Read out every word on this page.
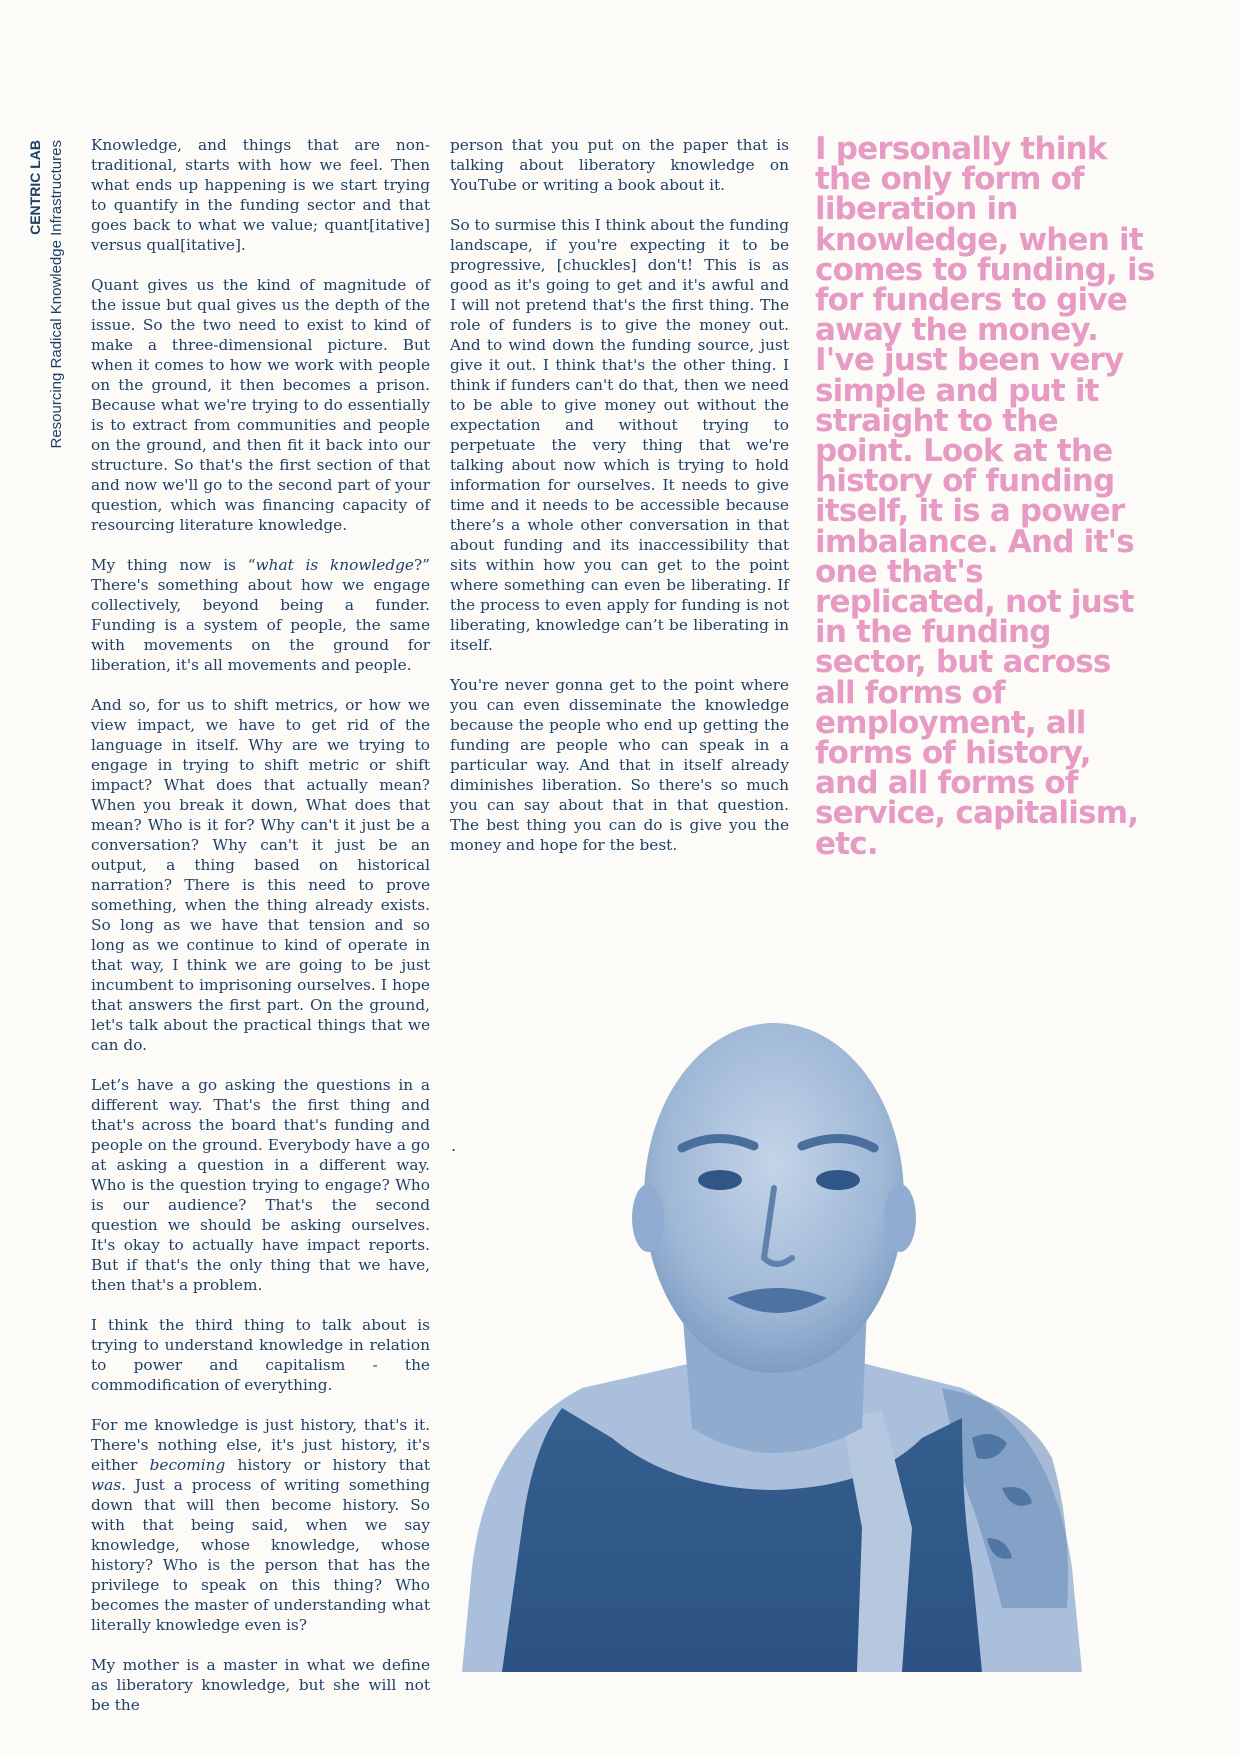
CENTRIC LAB Resourcing Radical Knowledge Infrastructures Knowledge, and things that are non-traditional, starts with how we feel. Then what ends up happening is we start trying to quantify in the funding sector and that goes back to what we value; quant[itative] versus qual[itative].

Quant gives us the kind of magnitude of the issue but qual gives us the depth of the issue. So the two need to exist to kind of make a three-dimensional picture. But when it comes to how we work with people on the ground, it then becomes a prison. Because what we're trying to do essentially is to extract from communities and people on the ground, and then fit it back into our structure. So that's the first section of that and now we'll go to the second part of your question, which was financing capacity of resourcing literature knowledge.

My thing now is “what is knowledge?” There's something about how we engage collectively, beyond being a funder. Funding is a system of people, the same with movements on the ground for liberation, it's all movements and people.

And so, for us to shift metrics, or how we view impact, we have to get rid of the language in itself. Why are we trying to engage in trying to shift metric or shift impact? What does that actually mean? When you break it down, What does that mean? Who is it for? Why can't it just be a conversation? Why can't it just be an output, a thing based on historical narration? There is this need to prove something, when the thing already exists. So long as we have that tension and so long as we continue to kind of operate in that way, I think we are going to be just incumbent to imprisoning ourselves. I hope that answers the first part. On the ground, let's talk about the practical things that we can do.

Let’s have a go asking the questions in a different way. That's the first thing and that's across the board that's funding and people on the ground. Everybody have a go at asking a question in a different way. Who is the question trying to engage? Who is our audience? That's the second question we should be asking ourselves. It's okay to actually have impact reports. But if that's the only thing that we have, then that's a problem.

I think the third thing to talk about is trying to understand knowledge in relation to power and capitalism - the commodification of everything.

For me knowledge is just history, that's it. There's nothing else, it's just history, it's either becoming history or history that was. Just a process of writing something down that will then become history. So with that being said, when we say knowledge, whose knowledge, whose history? Who is the person that has the privilege to speak on this thing? Who becomes the master of understanding what literally knowledge even is?

My mother is a master in what we define as liberatory knowledge, but she will not be the

person that you put on the paper that is talking about liberatory knowledge on YouTube or writing a book about it.

So to surmise this I think about the funding landscape, if you're expecting it to be progressive, [chuckles] don't! This is as good as it's going to get and it's awful and I will not pretend that's the first thing. The role of funders is to give the money out. And to wind down the funding source, just give it out. I think that's the other thing. I think if funders can't do that, then we need to be able to give money out without the expectation and without trying to perpetuate the very thing that we're talking about now which is trying to hold information for ourselves. It needs to give time and it needs to be accessible because there’s a whole other conversation in that about funding and its inaccessibility that sits within how you can get to the point where something can even be liberating. If the process to even apply for funding is not liberating, knowledge can’t be liberating in itself.

You're never gonna get to the point where you can even disseminate the knowledge because the people who end up getting the funding are people who can speak in a particular way. And that in itself already diminishes liberation. So there's so much you can say about that in that question. The best thing you can do is give you the money and hope for the best.

I personally think the only form of liberation in knowledge, when it comes to funding, is for funders to give away the money. I've just been very simple and put it straight to the point. Look at the history of funding itself, it is a power imbalance. And it's one that's replicated, not just in the funding sector, but across all forms of employment, all forms of history, and all forms of service, capitalism, etc.

.
